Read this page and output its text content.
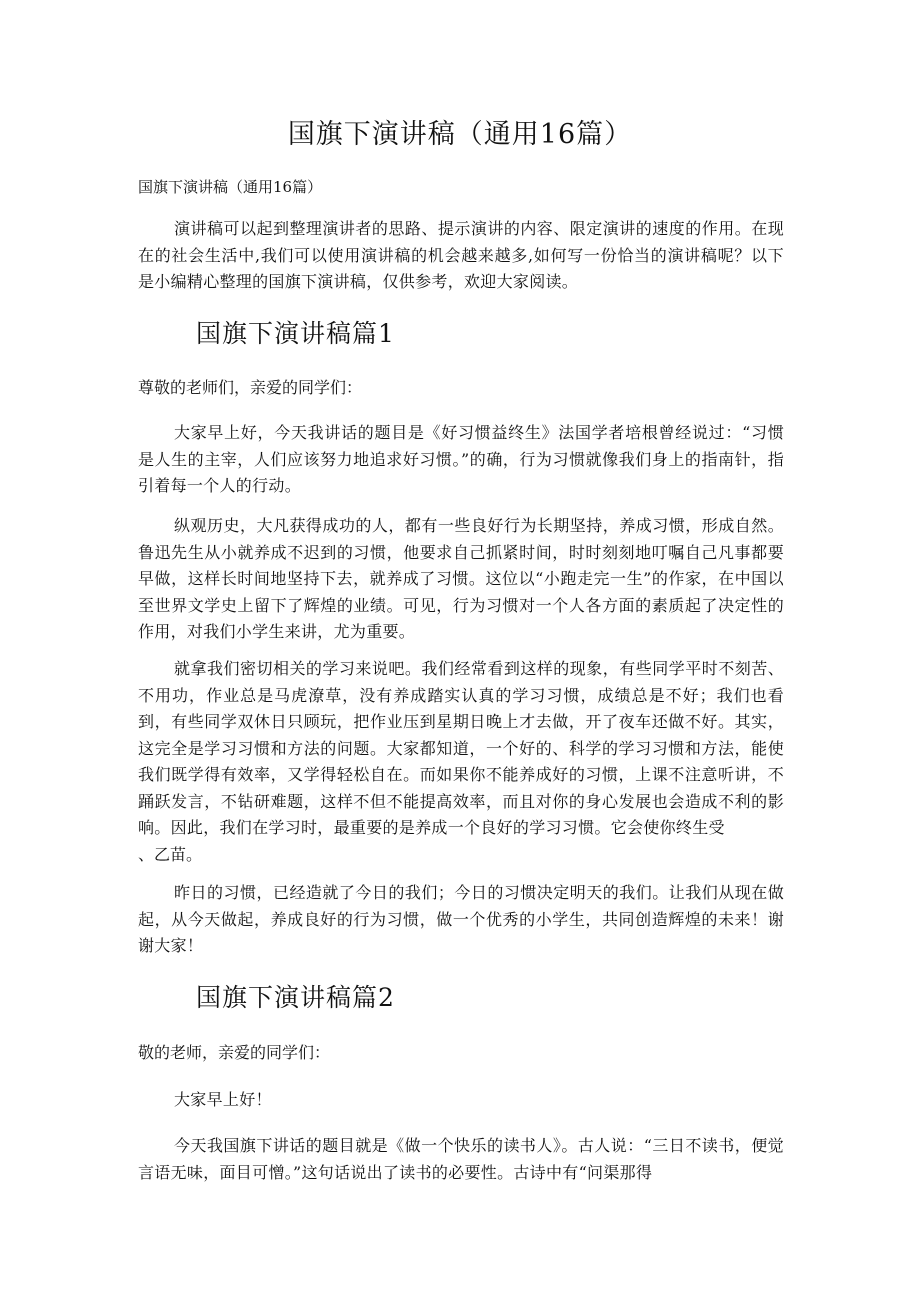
国旗下演讲稿（通用16篇）

国旗下演讲稿（通用16篇）

演讲稿可以起到整理演讲者的思路、提示演讲的内容、限定演讲的速度的作用。在现在的社会生活中,我们可以使用演讲稿的机会越来越多,如何写一份恰当的演讲稿呢？以下是小编精心整理的国旗下演讲稿，仅供参考，欢迎大家阅读。

国旗下演讲稿篇1

尊敬的老师们，亲爱的同学们：

大家早上好，今天我讲话的题目是《好习惯益终生》法国学者培根曾经说过：“习惯是人生的主宰，人们应该努力地追求好习惯。”的确，行为习惯就像我们身上的指南针，指引着每一个人的行动。

纵观历史，大凡获得成功的人，都有一些良好行为长期坚持，养成习惯，形成自然。鲁迅先生从小就养成不迟到的习惯，他要求自己抓紧时间，时时刻刻地叮嘱自己凡事都要早做，这样长时间地坚持下去，就养成了习惯。这位以“小跑走完一生”的作家，在中国以至世界文学史上留下了辉煌的业绩。可见，行为习惯对一个人各方面的素质起了决定性的作用，对我们小学生来讲，尤为重要。

就拿我们密切相关的学习来说吧。我们经常看到这样的现象，有些同学平时不刻苦、不用功，作业总是马虎潦草，没有养成踏实认真的学习习惯，成绩总是不好；我们也看到，有些同学双休日只顾玩，把作业压到星期日晚上才去做，开了夜车还做不好。其实，这完全是学习习惯和方法的问题。大家都知道，一个好的、科学的学习习惯和方法，能使我们既学得有效率，又学得轻松自在。而如果你不能养成好的习惯，上课不注意听讲，不踊跃发言，不钻研难题，这样不但不能提高效率，而且对你的身心发展也会造成不利的影响。因此，我们在学习时，最重要的是养成一个良好的学习习惯。它会使你终生受

、乙苗。

昨日的习惯，已经造就了今日的我们；今日的习惯决定明天的我们。让我们从现在做起，从今天做起，养成良好的行为习惯，做一个优秀的小学生，共同创造辉煌的未来！谢谢大家！

国旗下演讲稿篇2

敬的老师，亲爱的同学们：

大家早上好！

今天我国旗下讲话的题目就是《做一个快乐的读书人》。古人说：“三日不读书，便觉言语无味，面目可憎。”这句话说出了读书的必要性。古诗中有“问渠那得
